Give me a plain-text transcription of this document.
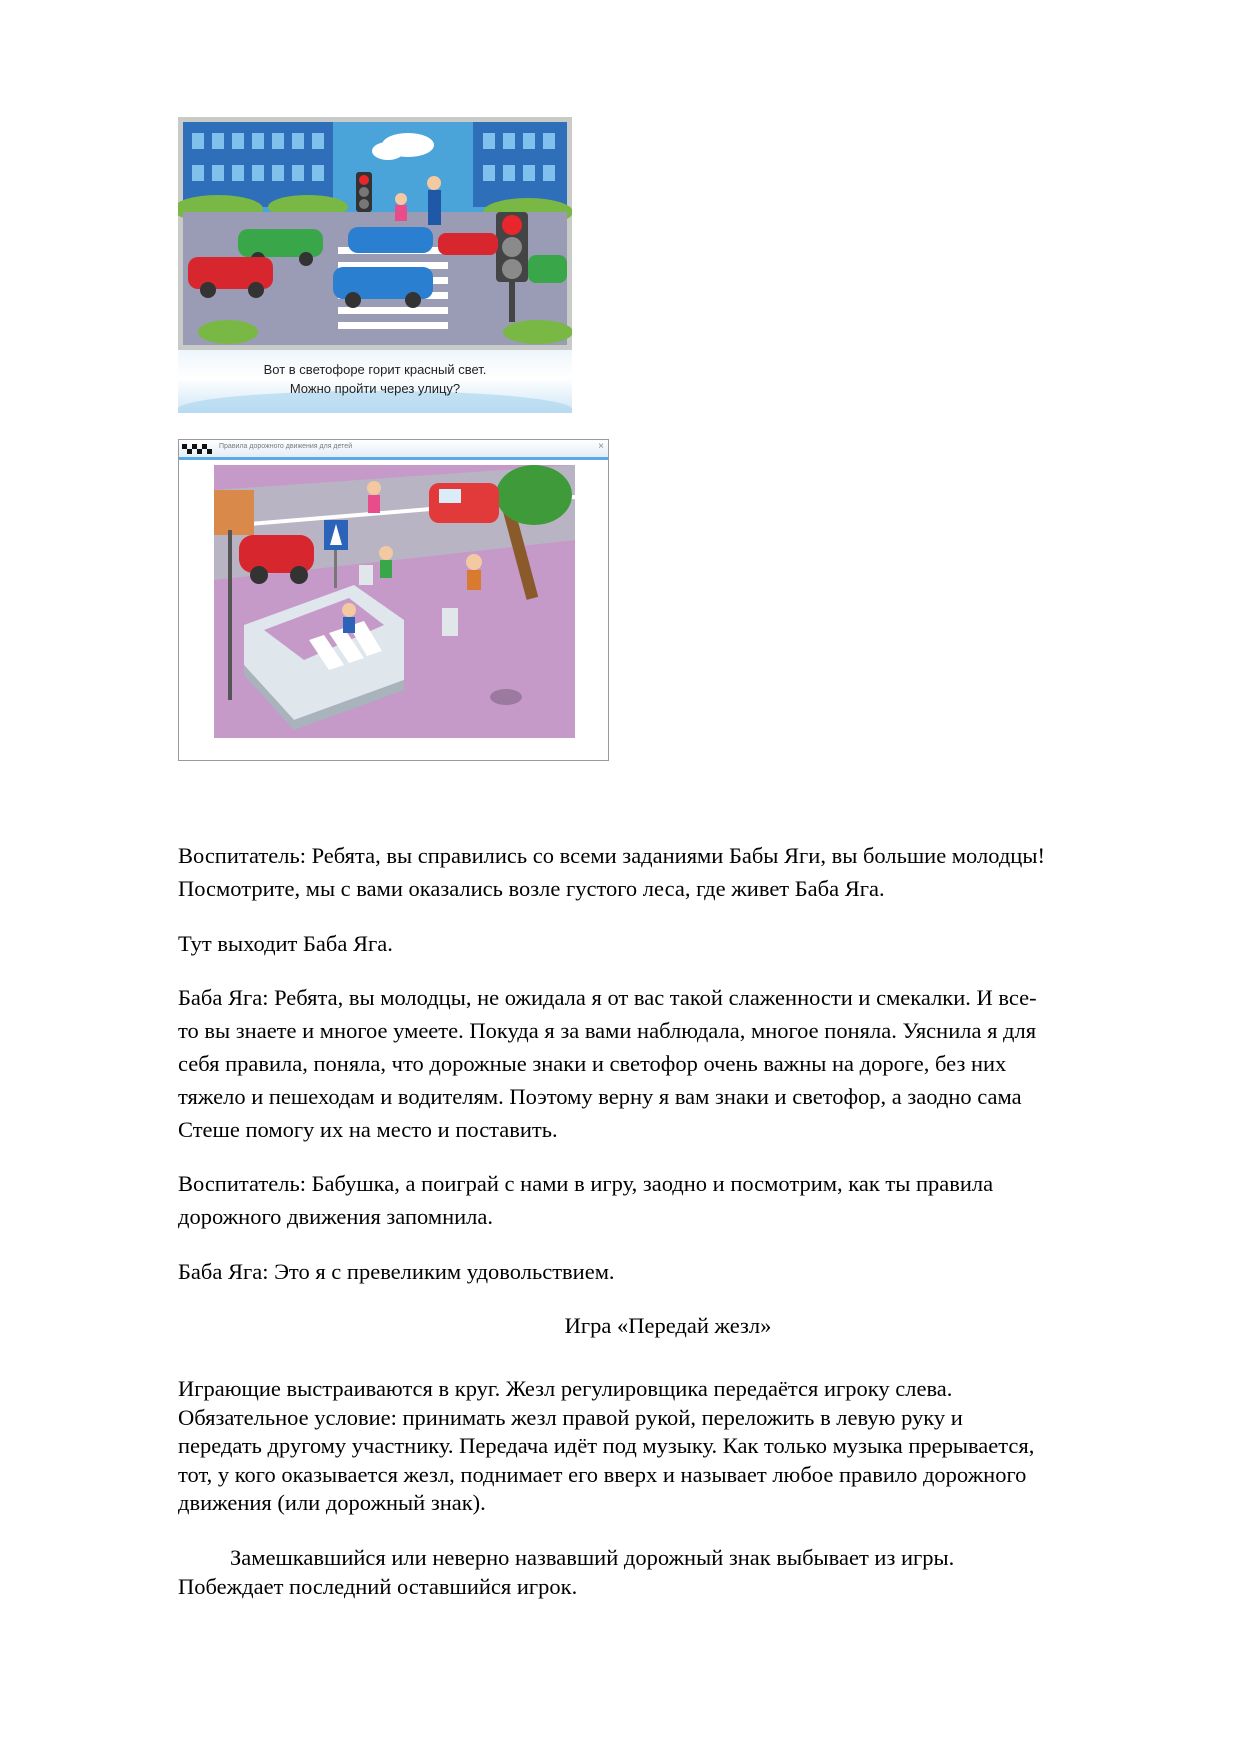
Вот в светофоре горит красный свет.
Можно пройти через улицу?
Правила дорожного движения для детей	×

Воспитатель: Ребята, вы справились со всеми заданиями Бабы Яги, вы большие молодцы!

Посмотрите, мы с вами оказались возле густого леса, где живет Баба Яга.

Тут выходит Баба Яга.

Баба Яга: Ребята, вы молодцы, не ожидала я от вас такой слаженности и смекалки. И все-

то вы знаете и многое умеете. Покуда я за вами наблюдала, многое поняла. Уяснила я для

себя правила, поняла, что дорожные знаки и светофор очень важны на дороге, без них

тяжело и пешеходам и водителям. Поэтому верну я вам знаки и светофор, а заодно сама

Стеше помогу их на место и поставить.

Воспитатель: Бабушка, а поиграй с нами в игру, заодно и посмотрим, как ты правила

дорожного движения запомнила.

Баба Яга: Это я с превеликим удовольствием.

Игра «Передай жезл»

Играющие выстраиваются в круг. Жезл регулировщика передаётся игроку слева.

Обязательное условие: принимать жезл правой рукой, переложить в левую руку и

передать другому участнику. Передача идёт под музыку. Как только музыка прерывается,

тот, у кого оказывается жезл, поднимает его вверх и называет любое правило дорожного

движения (или дорожный знак).

Замешкавшийся или неверно назвавший дорожный знак выбывает из игры.

Побеждает последний оставшийся игрок.
